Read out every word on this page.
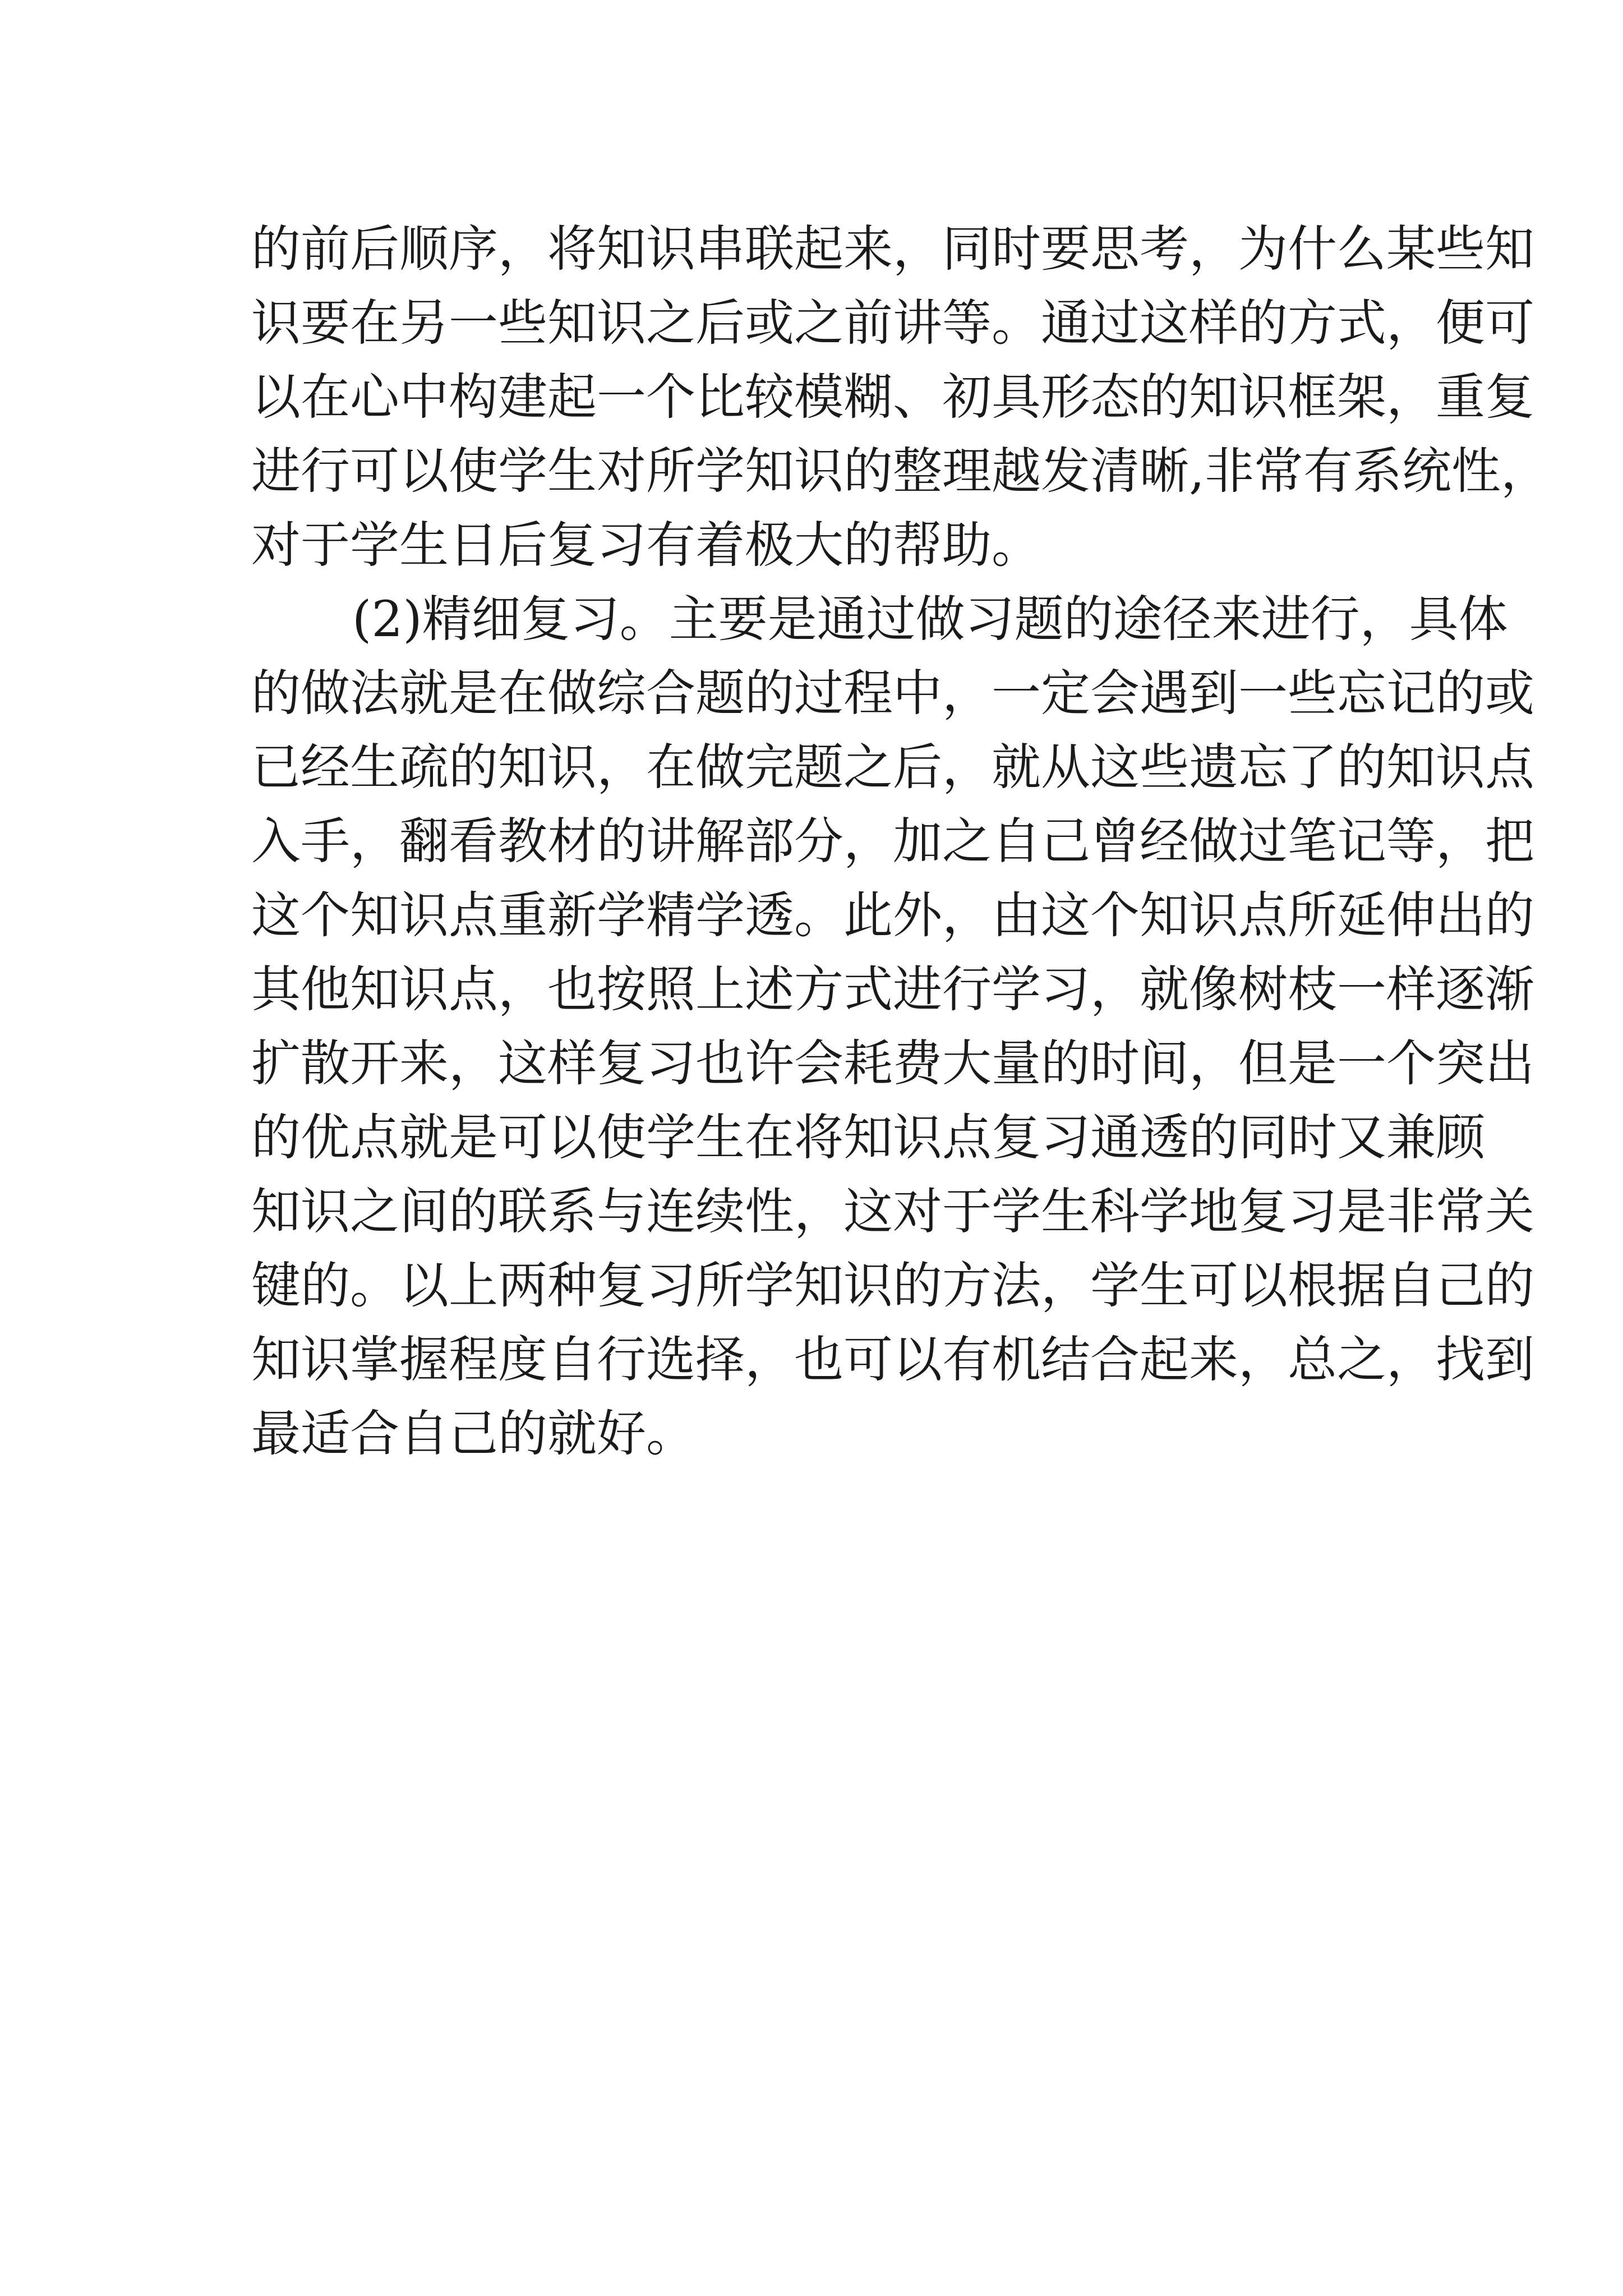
的前后顺序，将知识串联起来，同时要思考，为什么某些知
识要在另一些知识之后或之前讲等。通过这样的方式，便可
以在心中构建起一个比较模糊、初具形态的知识框架，重复
进行可以使学生对所学知识的整理越发清晰,非常有系统性，
对于学生日后复习有着极大的帮助。
(2)精细复习。主要是通过做习题的途径来进行，具体
的做法就是在做综合题的过程中，一定会遇到一些忘记的或
已经生疏的知识，在做完题之后，就从这些遗忘了的知识点
入手，翻看教材的讲解部分，加之自己曾经做过笔记等，把
这个知识点重新学精学透。此外，由这个知识点所延伸出的
其他知识点，也按照上述方式进行学习，就像树枝一样逐渐
扩散开来，这样复习也许会耗费大量的时间，但是一个突出
的优点就是可以使学生在将知识点复习通透的同时又兼顾
知识之间的联系与连续性，这对于学生科学地复习是非常关
键的。以上两种复习所学知识的方法，学生可以根据自己的
知识掌握程度自行选择，也可以有机结合起来，总之，找到
最适合自己的就好。
